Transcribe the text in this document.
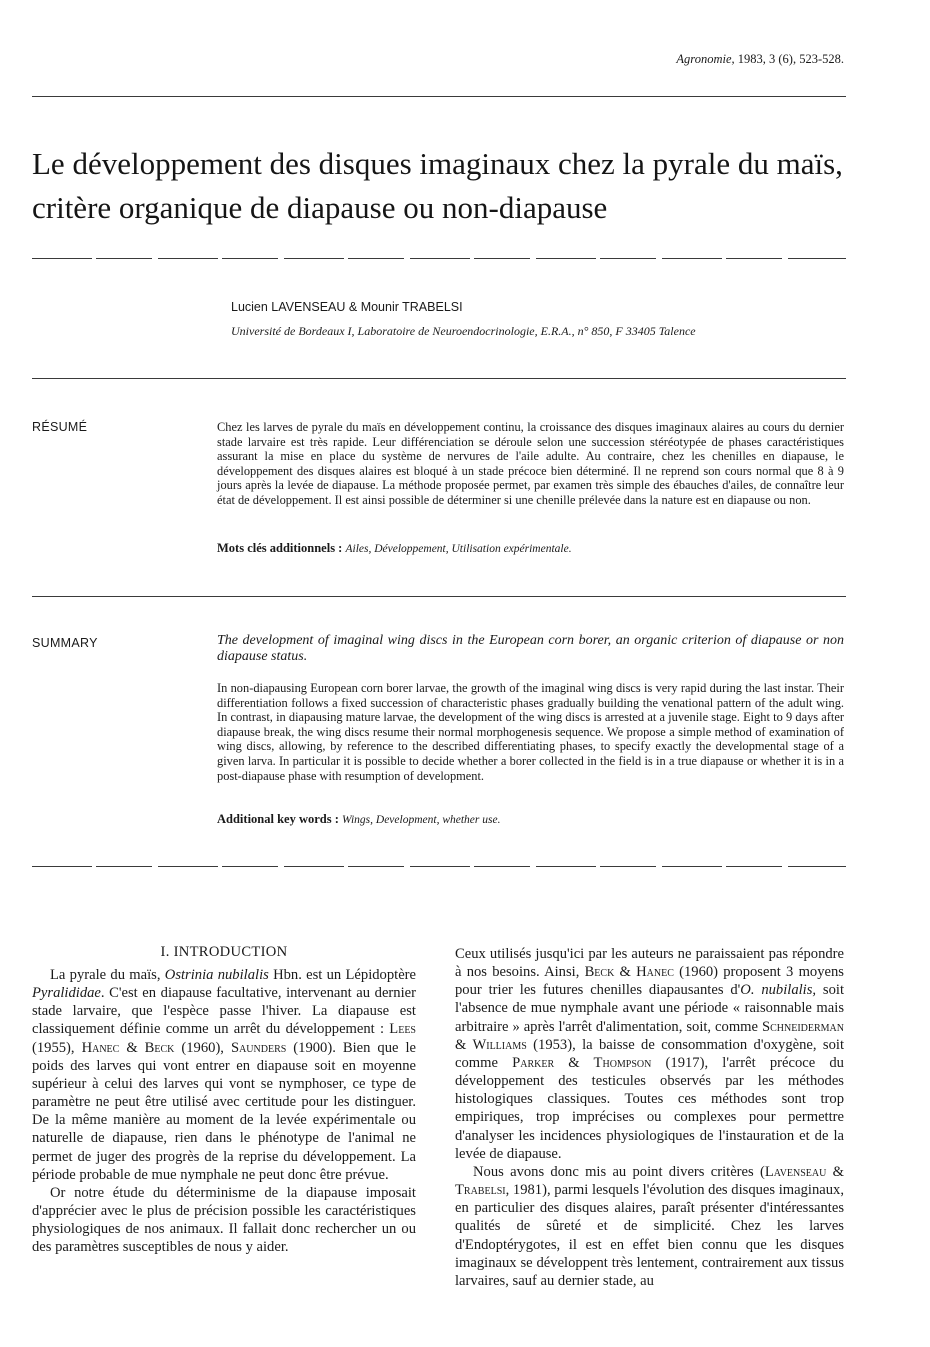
Agronomie, 1983, 3 (6), 523-528.
Le développement des disques imaginaux chez la pyrale du maïs, critère organique de diapause ou non-diapause
Lucien LAVENSEAU & Mounir TRABELSI
Université de Bordeaux I, Laboratoire de Neuroendocrinologie, E.R.A., n° 850, F 33405 Talence
RÉSUMÉ	Chez les larves de pyrale du maïs en développement continu, la croissance des disques imaginaux alaires au cours du dernier stade larvaire est très rapide. Leur différenciation se déroule selon une succession stéréotypée de phases caractéristiques assurant la mise en place du système de nervures de l'aile adulte. Au contraire, chez les chenilles en diapause, le développement des disques alaires est bloqué à un stade précoce bien déterminé. Il ne reprend son cours normal que 8 à 9 jours après la levée de diapause. La méthode proposée permet, par examen très simple des ébauches d'ailes, de connaître leur état de développement. Il est ainsi possible de déterminer si une chenille prélevée dans la nature est en diapause ou non.
Mots clés additionnels : Ailes, Développement, Utilisation expérimentale.
SUMMARY	The development of imaginal wing discs in the European corn borer, an organic criterion of diapause or non diapause status.
In non-diapausing European corn borer larvae, the growth of the imaginal wing discs is very rapid during the last instar. Their differentiation follows a fixed succession of characteristic phases gradually building the venational pattern of the adult wing. In contrast, in diapausing mature larvae, the development of the wing discs is arrested at a juvenile stage. Eight to 9 days after diapause break, the wing discs resume their normal morphogenesis sequence. We propose a simple method of examination of wing discs, allowing, by reference to the described differentiating phases, to specify exactly the developmental stage of a given larva. In particular it is possible to decide whether a borer collected in the field is in a true diapause or whether it is in a post-diapause phase with resumption of development.
Additional key words : Wings, Development, whether use.
I. INTRODUCTION

La pyrale du maïs, Ostrinia nubilalis Hbn. est un Lépidoptère Pyralididae. C'est en diapause facultative, intervenant au dernier stade larvaire, que l'espèce passe l'hiver. La diapause est classiquement définie comme un arrêt du développement : Lees (1955), Hanec & Beck (1960), Saunders (1900). Bien que le poids des larves qui vont entrer en diapause soit en moyenne supérieur à celui des larves qui vont se nymphoser, ce type de paramètre ne peut être utilisé avec certitude pour les distinguer. De la même manière au moment de la levée expérimentale ou naturelle de diapause, rien dans le phénotype de l'animal ne permet de juger des progrès de la reprise du développement. La période probable de mue nymphale ne peut donc être prévue.

Or notre étude du déterminisme de la diapause imposait d'apprécier avec le plus de précision possible les caractéristiques physiologiques de nos animaux. Il fallait donc rechercher un ou des paramètres susceptibles de nous y aider.

Ceux utilisés jusqu'ici par les auteurs ne paraissaient pas répondre à nos besoins. Ainsi, Beck & Hanec (1960) proposent 3 moyens pour trier les futures chenilles diapausantes d'O. nubilalis, soit l'absence de mue nymphale avant une période « raisonnable mais arbitraire » après l'arrêt d'alimentation, soit, comme Schneiderman & Williams (1953), la baisse de consommation d'oxygène, soit comme Parker & Thompson (1917), l'arrêt précoce du développement des testicules observés par les méthodes histologiques classiques. Toutes ces méthodes sont trop empiriques, trop imprécises ou complexes pour permettre d'analyser les incidences physiologiques de l'instauration et de la levée de diapause.

Nous avons donc mis au point divers critères (Lavenseau & Trabelsi, 1981), parmi lesquels l'évolution des disques imaginaux, en particulier des disques alaires, paraît présenter d'intéressantes qualités de sûreté et de simplicité. Chez les larves d'Endoptérygotes, il est en effet bien connu que les disques imaginaux se développent très lentement, contrairement aux tissus larvaires, sauf au dernier stade, au
